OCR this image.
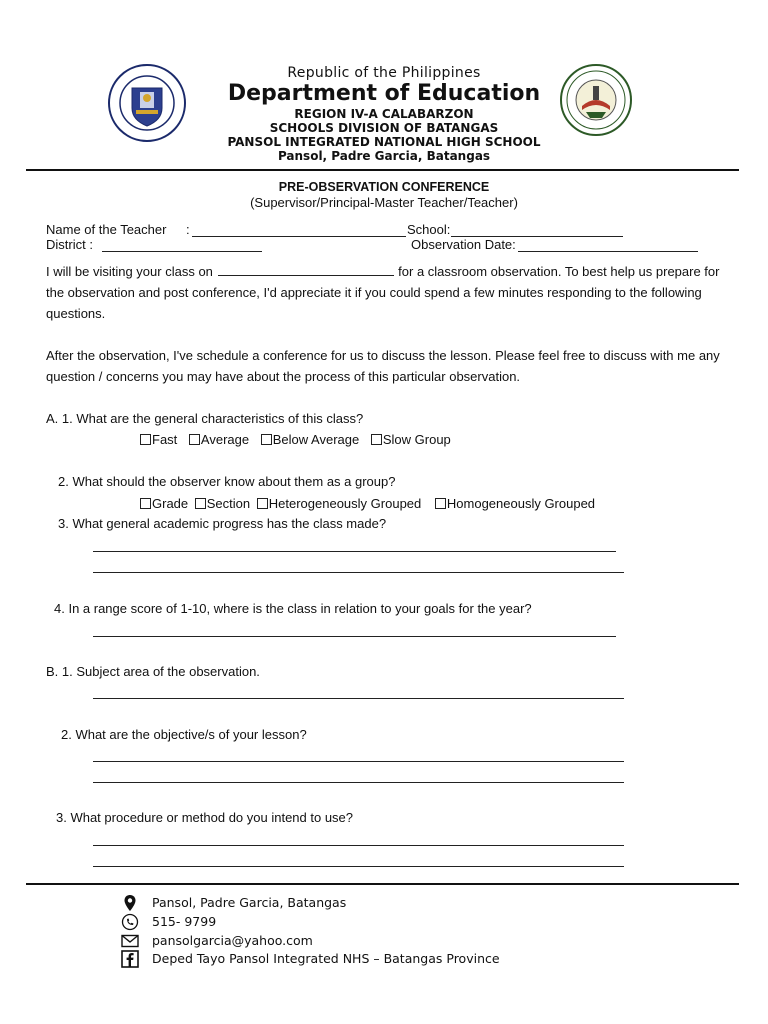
Republic of the Philippines
Department of Education
REGION IV-A CALABARZON
SCHOOLS DIVISION OF BATANGAS
PANSOL INTEGRATED NATIONAL HIGH SCHOOL
Pansol, Padre Garcia, Batangas
PRE-OBSERVATION CONFERENCE
(Supervisor/Principal-Master Teacher/Teacher)
Name of the Teacher :	School:
District :	Observation Date:
I will be visiting your class on	for a classroom observation. To best help us prepare for the observation and post conference, I'd appreciate it if you could spend a few minutes responding to the following questions.
After the observation, I've schedule a conference for us to discuss the lesson. Please feel free to discuss with me any question / concerns you may have about the process of this particular observation.
A. 1. What are the general characteristics of this class?
Fast Average Below Average Slow Group
2. What should the observer know about them as a group?
Grade Section Heterogeneously Grouped Homogeneously Grouped
3. What general academic progress has the class made?
4. In a range score of 1-10, where is the class in relation to your goals for the year?
B. 1. Subject area of the observation.
2. What are the objective/s of your lesson?
3. What procedure or method do you intend to use?
Pansol, Padre Garcia, Batangas
515- 9799
pansolgarcia@yahoo.com
Deped Tayo Pansol Integrated NHS – Batangas Province
